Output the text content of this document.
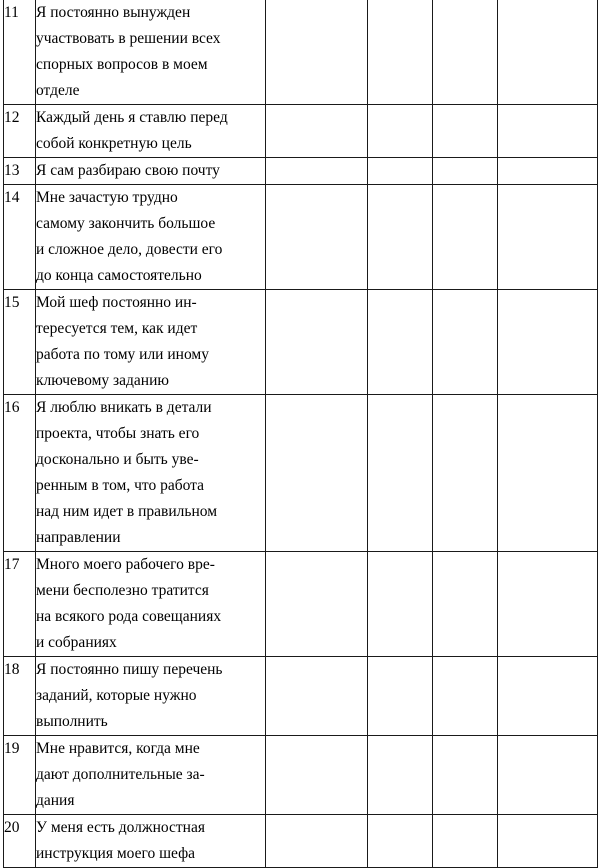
11	Я постоянно вынужден
участвовать в решении всех
спорных вопросов в моем
отделе				

12	Каждый день я ставлю перед
собой конкретную цель				

13	Я сам разбираю свою почту				

14	Мне зачастую трудно
самому закончить большое
и сложное дело, довести его
до конца самостоятельно				

15	Мой шеф постоянно ин-
тересуется тем, как идет
работа по тому или иному
ключевому заданию				

16	Я люблю вникать в детали
проекта, чтобы знать его
досконально и быть уве-
ренным в том, что работа
над ним идет в правильном
направлении

17	Много моего рабочего вре-
мени бесполезно тратится
на всякого рода совещаниях
и собраниях				

18	Я постоянно пишу перечень
заданий, которые нужно
выполнить				

19	Мне нравится, когда мне
дают дополнительные за-
дания				

20	У меня есть должностная
инструкция моего шефа				
